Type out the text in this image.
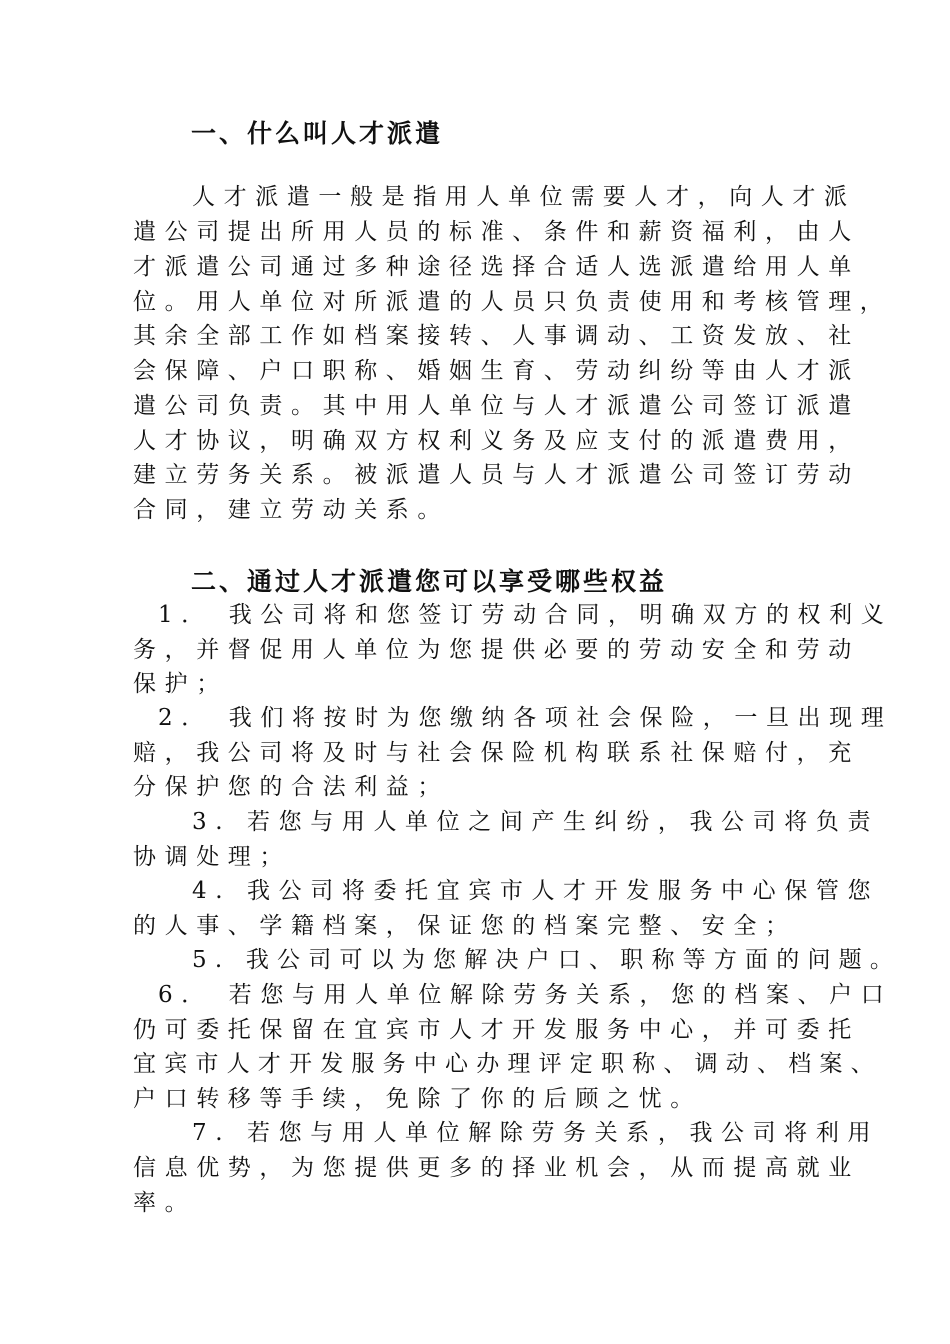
一、什么叫人才派遣

人才派遣一般是指用人单位需要人才，向人才派

遣公司提出所用人员的标准、条件和薪资福利，由人

才派遣公司通过多种途径选择合适人选派遣给用人单

位。用人单位对所派遣的人员只负责使用和考核管理，

其余全部工作如档案接转、人事调动、工资发放、社

会保障、户口职称、婚姻生育、劳动纠纷等由人才派

遣公司负责。其中用人单位与人才派遣公司签订派遣

人才协议，明确双方权利义务及应支付的派遣费用，

建立劳务关系。被派遣人员与人才派遣公司签订劳动

合同，建立劳动关系。

二、通过人才派遣您可以享受哪些权益

1． 我公司将和您签订劳动合同，明确双方的权利义

务，并督促用人单位为您提供必要的劳动安全和劳动

保护；

2． 我们将按时为您缴纳各项社会保险，一旦出现理

赔，我公司将及时与社会保险机构联系社保赔付，充

分保护您的合法利益；

3. 若您与用人单位之间产生纠纷，我公司将负责

协调处理；

4. 我公司将委托宜宾市人才开发服务中心保管您

的人事、学籍档案，保证您的档案完整、安全；

5. 我公司可以为您解决户口、职称等方面的问题。

6． 若您与用人单位解除劳务关系，您的档案、户口

仍可委托保留在宜宾市人才开发服务中心，并可委托

宜宾市人才开发服务中心办理评定职称、调动、档案、

户口转移等手续，免除了你的后顾之忧。

7. 若您与用人单位解除劳务关系，我公司将利用

信息优势，为您提供更多的择业机会，从而提高就业

率。
